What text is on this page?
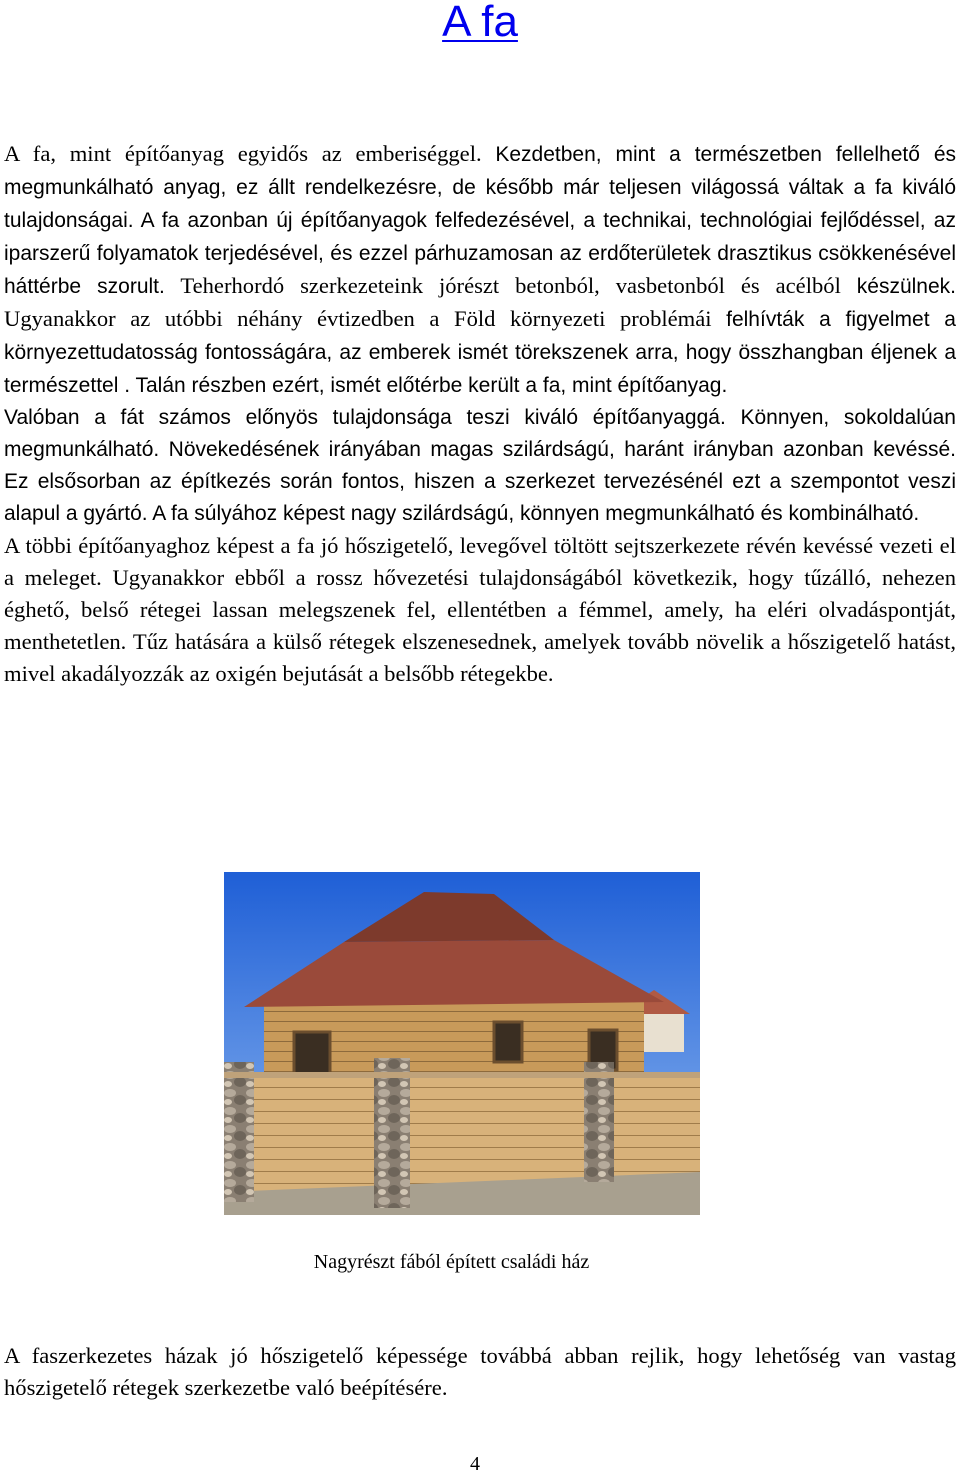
A fa

A fa, mint építőanyag egyidős az emberiséggel. Kezdetben, mint a természetben fellelhető és megmunkálható anyag, ez állt rendelkezésre, de később már teljesen világossá váltak a fa kiváló tulajdonságai. A fa azonban új építőanyagok felfedezésével, a technikai, technológiai fejlődéssel, az iparszerű folyamatok terjedésével, és ezzel párhuzamosan az erdőterületek drasztikus csökkenésével háttérbe szorult. Teherhordó szerkezeteink jórészt betonból, vasbetonból és acélból készülnek. Ugyanakkor az utóbbi néhány évtizedben a Föld környezeti problémái felhívták a figyelmet a környezettudatosság fontosságára, az emberek ismét törekszenek arra, hogy összhangban éljenek a természettel . Talán részben ezért, ismét előtérbe került a fa, mint építőanyag.

Valóban a fát számos előnyös tulajdonsága teszi kiváló építőanyaggá. Könnyen, sokoldalúan megmunkálható. Növekedésének irányában magas szilárdságú, haránt irányban azonban kevéssé. Ez elsősorban az építkezés során fontos, hiszen a szerkezet tervezésénél ezt a szempontot veszi alapul a gyártó. A fa súlyához képest nagy szilárdságú, könnyen megmunkálható és kombinálható.

A többi építőanyaghoz képest a fa jó hőszigetelő, levegővel töltött sejtszerkezete révén kevéssé vezeti el a meleget. Ugyanakkor ebből a rossz hővezetési tulajdonságából következik, hogy tűzálló, nehezen éghető, belső rétegei lassan melegszenek fel, ellentétben a fémmel, amely, ha eléri olvadáspontját, menthetetlen. Tűz hatására a külső rétegek elszenesednek, amelyek tovább növelik a hőszigetelő hatást, mivel akadályozzák az oxigén bejutását a belsőbb rétegekbe.

Nagyrészt fából épített családi ház

A faszerkezetes házak jó hőszigetelő képessége továbbá abban rejlik, hogy lehetőség van vastag hőszigetelő rétegek szerkezetbe való beépítésére.

4
